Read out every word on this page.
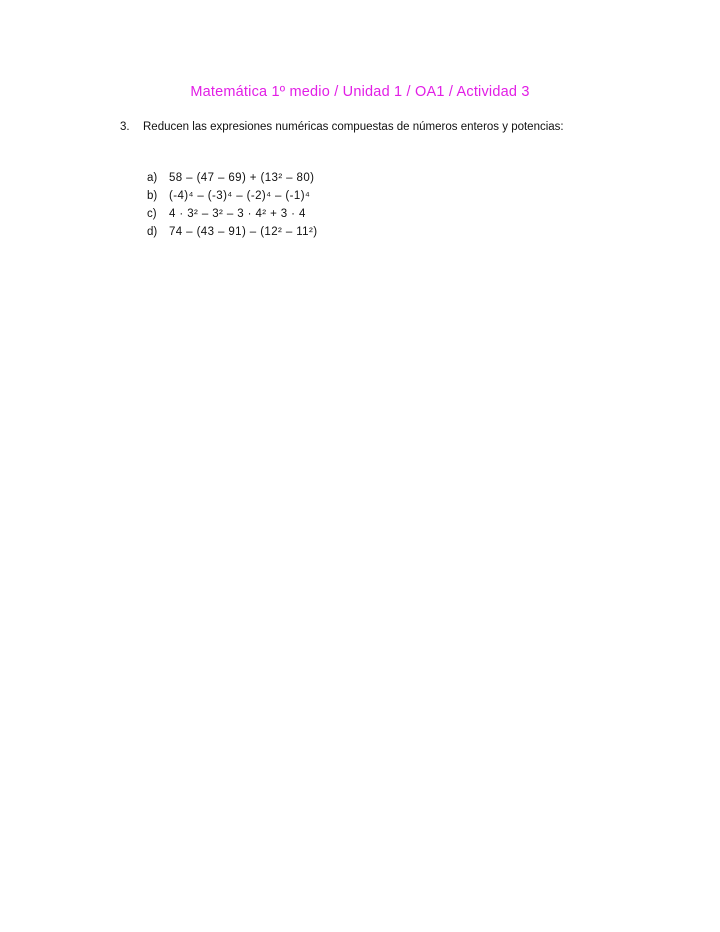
Matemática 1º medio / Unidad 1 / OA1 / Actividad 3
3. Reducen las expresiones numéricas compuestas de números enteros y potencias:
a) 58 – (47 – 69) + (13² – 80)
b) (-4)⁴ – (-3)⁴ – (-2)⁴ – (-1)⁴
c) 4 · 3² – 3² – 3 · 4² + 3 · 4
d) 74 – (43 – 91) – (12² – 11²)
